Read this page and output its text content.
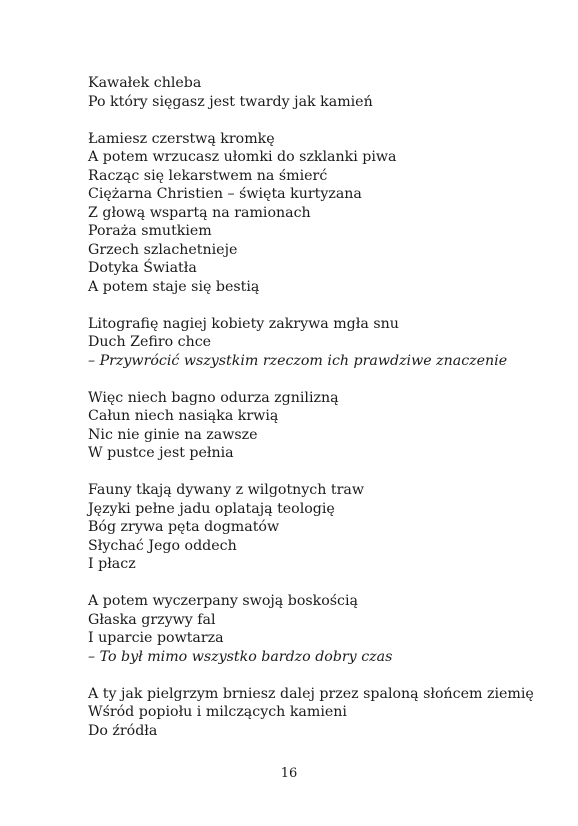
Kawałek chleba
Po który sięgasz jest twardy jak kamień
Łamiesz czerstwą kromkę
A potem wrzucasz ułomki do szklanki piwa
Racząc się lekarstwem na śmierć
Ciężarna Christien – święta kurtyzana
Z głową wspartą na ramionach
Poraża smutkiem
Grzech szlachetnieje
Dotyka Światła
A potem staje się bestią
Litografię nagiej kobiety zakrywa mgła snu
Duch Zefiro chce
– Przywrócić wszystkim rzeczom ich prawdziwe znaczenie
Więc niech bagno odurza zgnilizną
Całun niech nasiąka krwią
Nic nie ginie na zawsze
W pustce jest pełnia
Fauny tkają dywany z wilgotnych traw
Języki pełne jadu oplatają teologię
Bóg zrywa pęta dogmatów
Słychać Jego oddech
I płacz
A potem wyczerpany swoją boskością
Głaska grzywy fal
I uparcie powtarza
– To był mimo wszystko bardzo dobry czas
A ty jak pielgrzym brniesz dalej przez spaloną słońcem ziemię
Wśród popiołu i milczących kamieni
Do źródła
16
